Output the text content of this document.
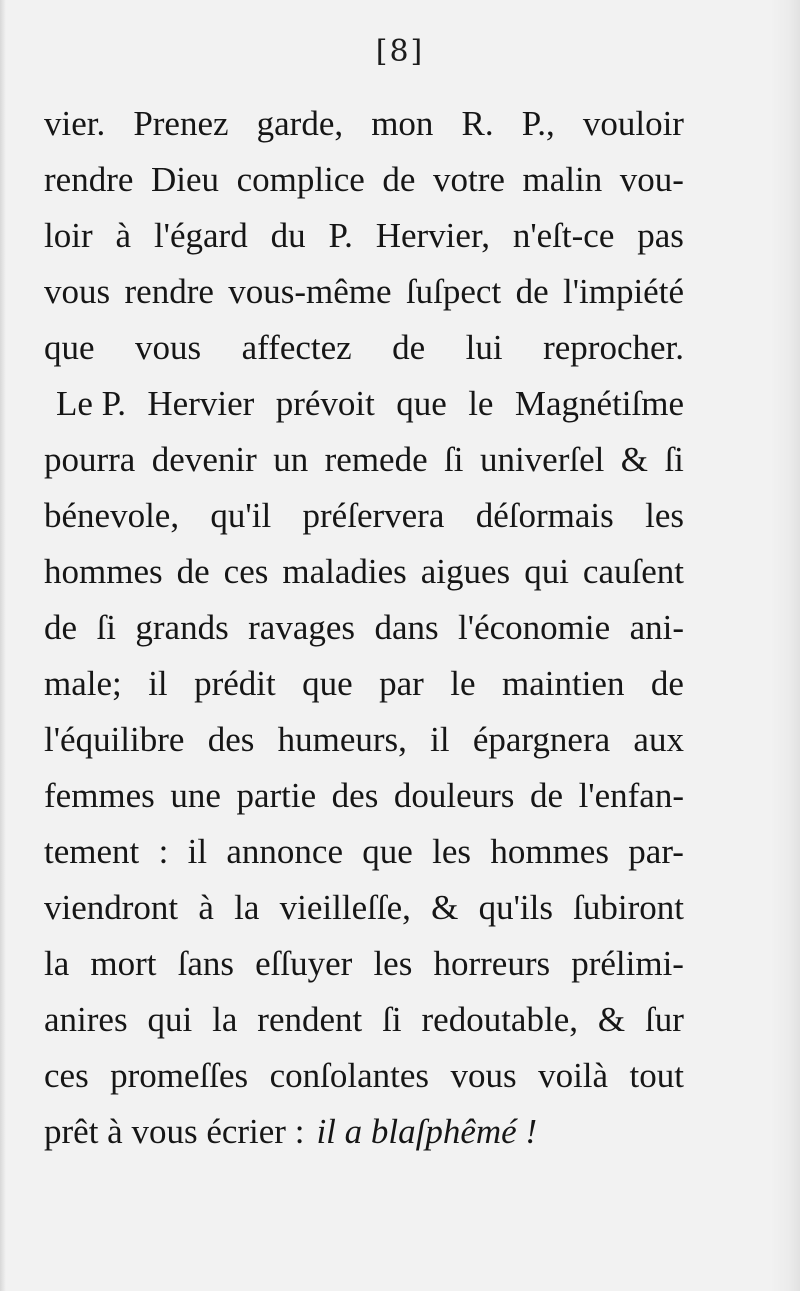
[8]
vier. Prenez garde, mon R. P., vouloir
rendre Dieu complice de votre malin vou-
loir à l'égard du P. Hervier, n'eſt-ce pas
vous rendre vous-même ſuſpect de l'impiété
que vous affectez de lui reprocher.
Le P. Hervier prévoit que le Magnétiſme
pourra devenir un remede ſi univerſel & ſi
bénevole, qu'il préſervera déſormais les
hommes de ces maladies aigues qui cauſent
de ſi grands ravages dans l'économie ani-
male; il prédit que par le maintien de
l'équilibre des humeurs, il épargnera aux
femmes une partie des douleurs de l'enfan-
tement : il annonce que les hommes par-
viendront à la vieilleſſe, & qu'ils ſubiront
la mort ſans eſſuyer les horreurs prélimi-
anires qui la rendent ſi redoutable, & ſur
ces promeſſes conſolantes vous voilà tout
prêt à vous écrier : il a blaſphêmé !
